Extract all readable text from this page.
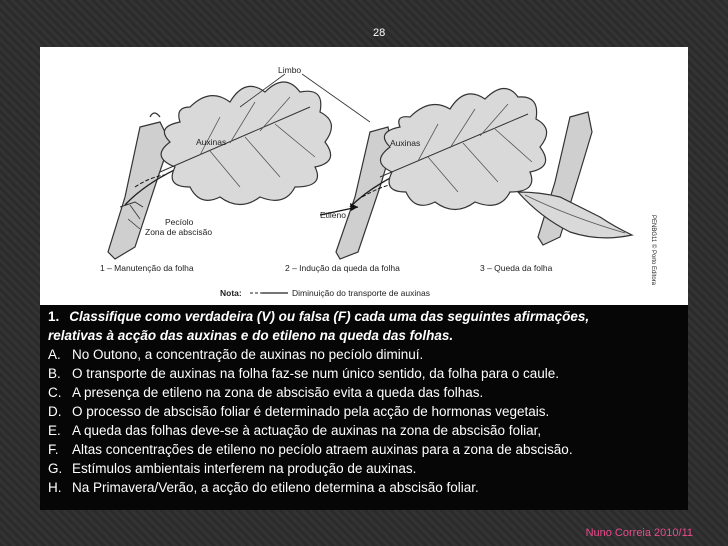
28
Limbo
Auxinas	Auxinas
Pecíolo
Zona de abscisão
Etileno	PENBG11 © Porto Editora
1 – Manutenção da folha	2 – Indução da queda da folha	3 – Queda da folha
Nota:	Diminuição do transporte de auxinas

1. Classifique como verdadeira (V) ou falsa (F) cada uma das seguintes afirmações,

relativas à acção das auxinas e do etileno na queda das folhas.

A. No Outono, a concentração de auxinas no pecíolo diminuí.

B. O transporte de auxinas na folha faz-se num único sentido, da folha para o caule.

C. A presença de etileno na zona de abscisão evita a queda das folhas.

D. O processo de abscisão foliar é determinado pela acção de hormonas vegetais.

E. A queda das folhas deve-se à actuação de auxinas na zona de abscisão foliar,

F. Altas concentrações de etileno no pecíolo atraem auxinas para a zona de abscisão.

G. Estímulos ambientais interferem na produção de auxinas.

H. Na Primavera/Verão, a acção do etileno determina a abscisão foliar.

Nuno Correia 2010/11
